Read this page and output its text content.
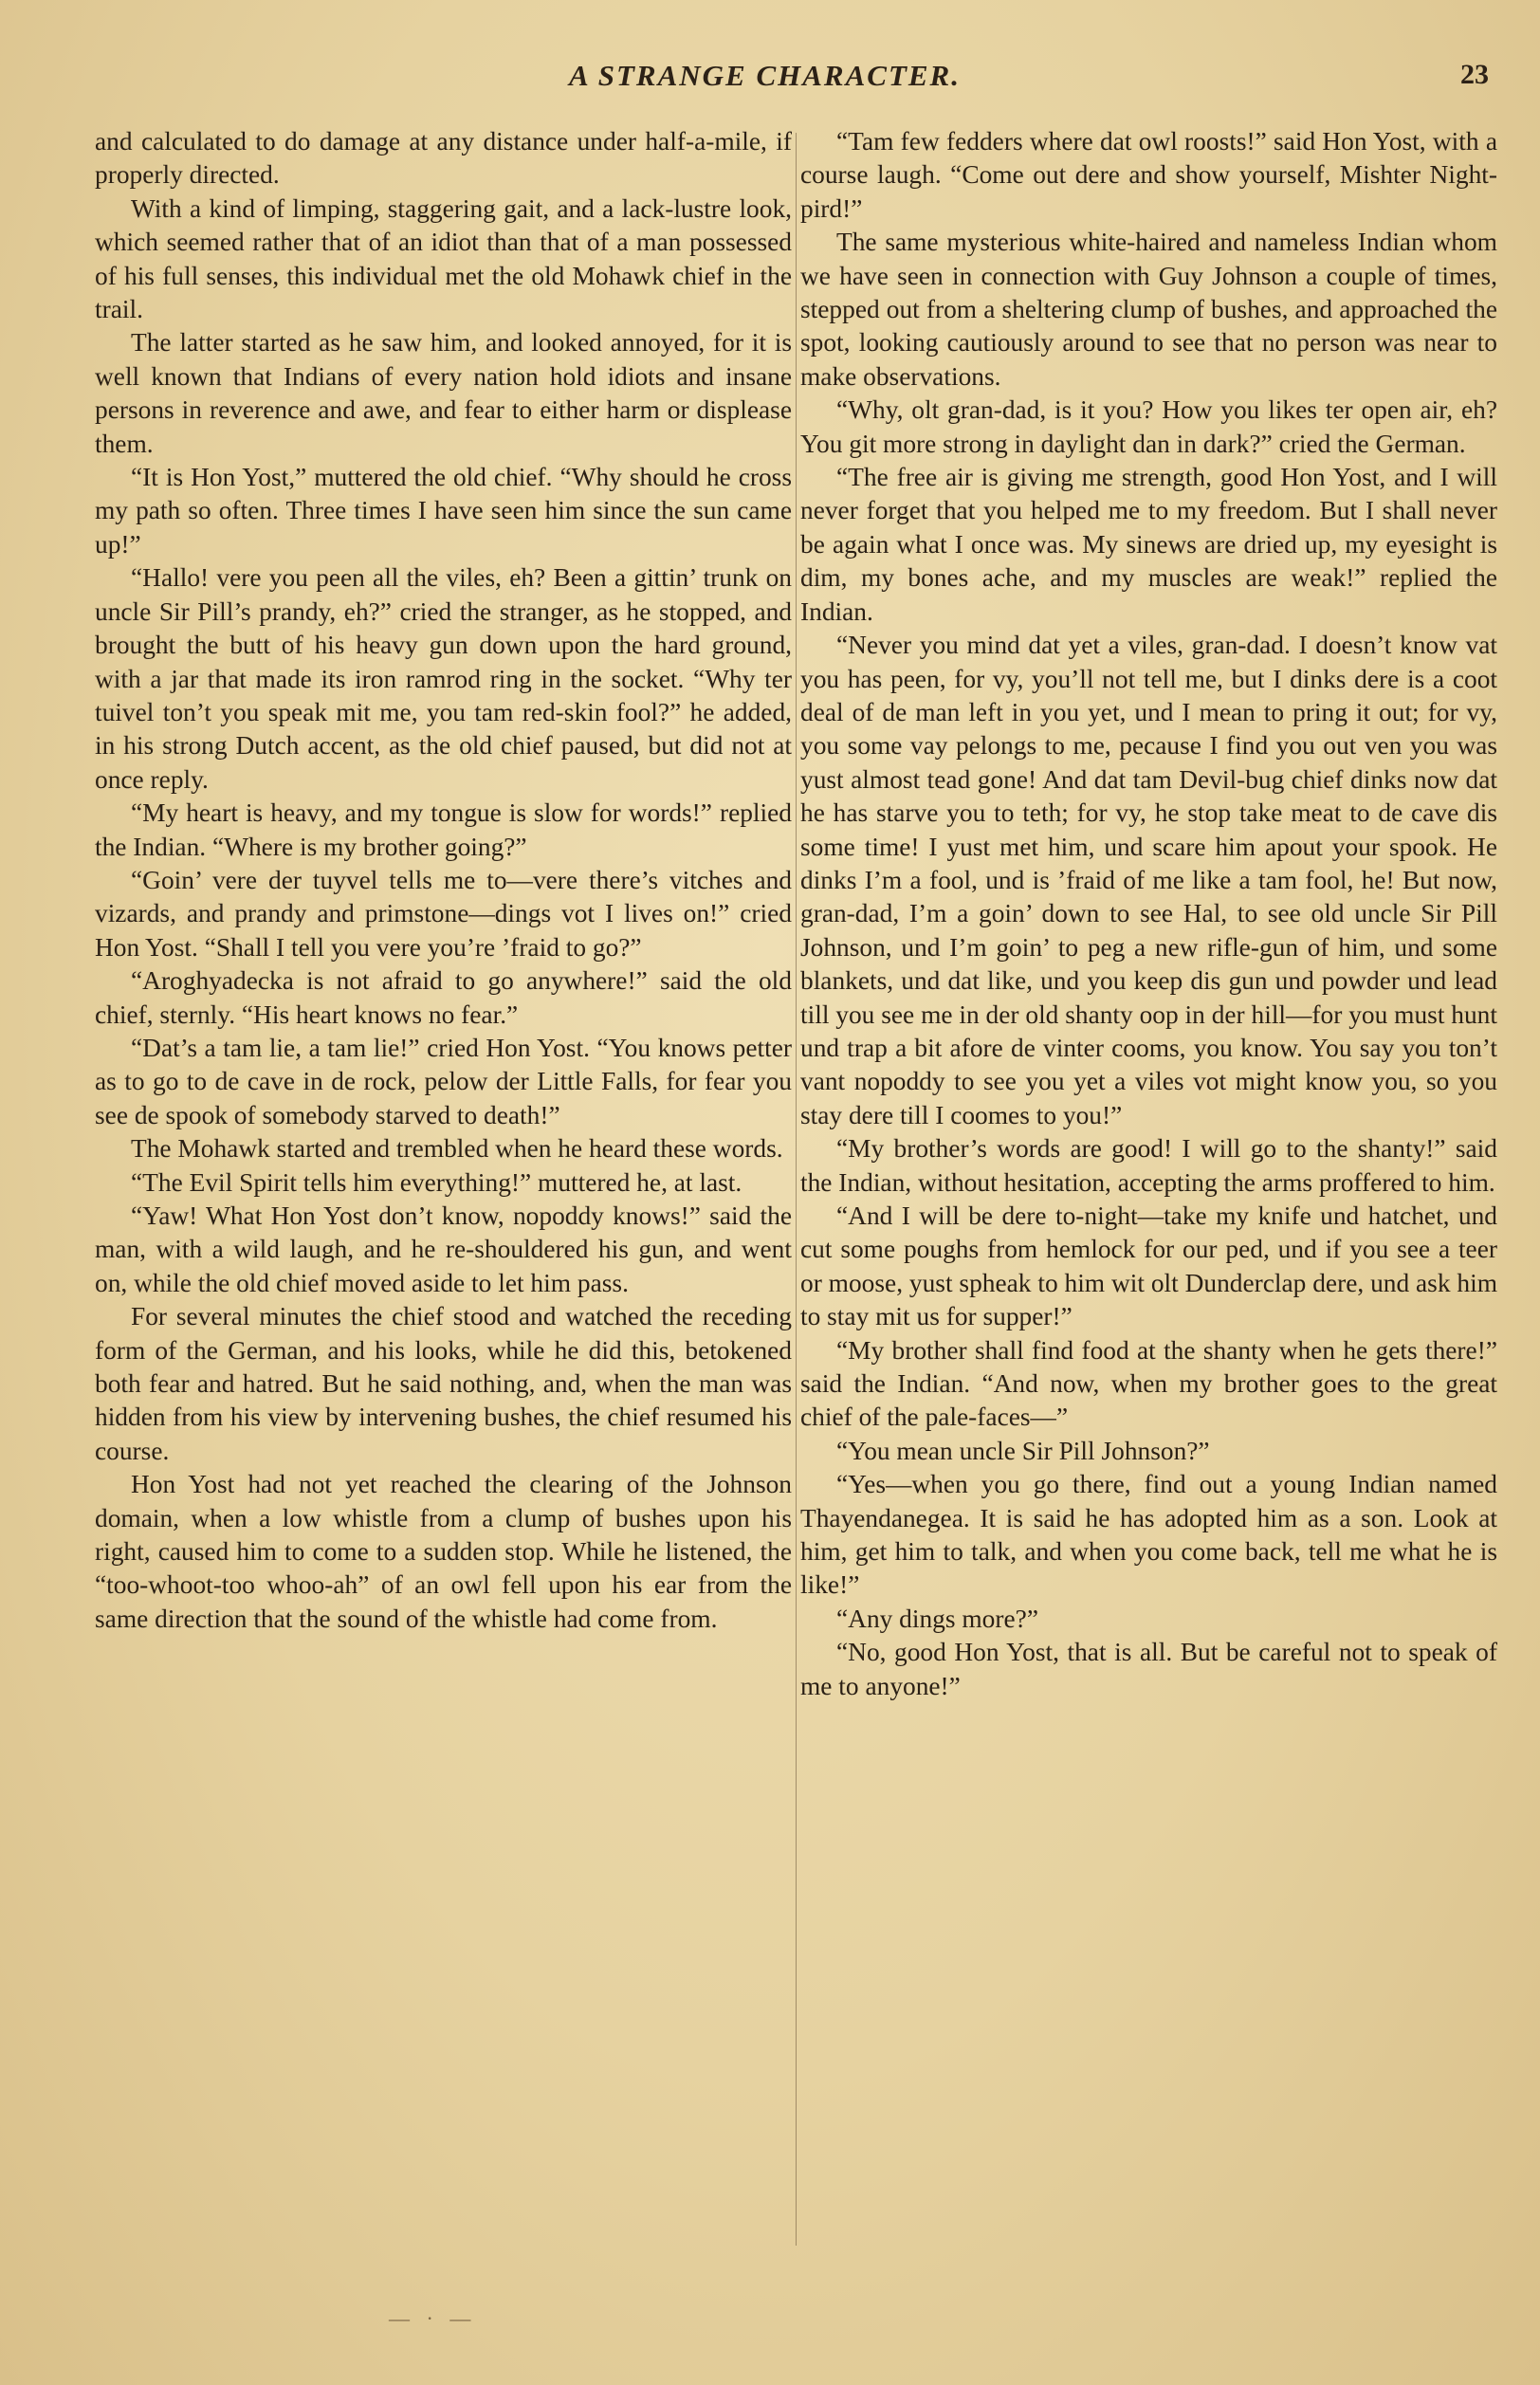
A STRANGE CHARACTER.	23

and calculated to do damage at any distance under half-a-mile, if properly directed.

With a kind of limping, staggering gait, and a lack-lustre look, which seemed rather that of an idiot than that of a man possessed of his full senses, this individual met the old Mohawk chief in the trail.

The latter started as he saw him, and looked annoyed, for it is well known that Indians of every nation hold idiots and insane persons in reverence and awe, and fear to either harm or displease them.

“It is Hon Yost,” muttered the old chief. “Why should he cross my path so often. Three times I have seen him since the sun came up!”

“Hallo! vere you peen all the viles, eh? Been a gittin’ trunk on uncle Sir Pill’s prandy, eh?” cried the stranger, as he stopped, and brought the butt of his heavy gun down upon the hard ground, with a jar that made its iron ramrod ring in the socket. “Why ter tuivel ton’t you speak mit me, you tam red-skin fool?” he added, in his strong Dutch accent, as the old chief paused, but did not at once reply.

“My heart is heavy, and my tongue is slow for words!” replied the Indian. “Where is my brother going?”

“Goin’ vere der tuyvel tells me to—vere there’s vitches and vizards, and prandy and primstone—dings vot I lives on!” cried Hon Yost. “Shall I tell you vere you’re ’fraid to go?”

“Aroghyadecka is not afraid to go anywhere!” said the old chief, sternly. “His heart knows no fear.”

“Dat’s a tam lie, a tam lie!” cried Hon Yost. “You knows petter as to go to de cave in de rock, pelow der Little Falls, for fear you see de spook of somebody starved to death!”

The Mohawk started and trembled when he heard these words.

“The Evil Spirit tells him everything!” muttered he, at last.

“Yaw! What Hon Yost don’t know, nopoddy knows!” said the man, with a wild laugh, and he re-shouldered his gun, and went on, while the old chief moved aside to let him pass.

For several minutes the chief stood and watched the receding form of the German, and his looks, while he did this, betokened both fear and hatred. But he said nothing, and, when the man was hidden from his view by intervening bushes, the chief resumed his course.

Hon Yost had not yet reached the clearing of the Johnson domain, when a low whistle from a clump of bushes upon his right, caused him to come to a sudden stop. While he listened, the “too-whoot-too whoo-ah” of an owl fell upon his ear from the same direction that the sound of the whistle had come from.

“Tam few fedders where dat owl roosts!” said Hon Yost, with a course laugh. “Come out dere and show yourself, Mishter Night-pird!”

The same mysterious white-haired and nameless Indian whom we have seen in connection with Guy Johnson a couple of times, stepped out from a sheltering clump of bushes, and approached the spot, looking cautiously around to see that no person was near to make observations.

“Why, olt gran-dad, is it you? How you likes ter open air, eh? You git more strong in daylight dan in dark?” cried the German.

“The free air is giving me strength, good Hon Yost, and I will never forget that you helped me to my freedom. But I shall never be again what I once was. My sinews are dried up, my eyesight is dim, my bones ache, and my muscles are weak!” replied the Indian.

“Never you mind dat yet a viles, gran-dad. I doesn’t know vat you has peen, for vy, you’ll not tell me, but I dinks dere is a coot deal of de man left in you yet, und I mean to pring it out; for vy, you some vay pelongs to me, pecause I find you out ven you was yust almost tead gone! And dat tam Devil-bug chief dinks now dat he has starve you to teth; for vy, he stop take meat to de cave dis some time! I yust met him, und scare him apout your spook. He dinks I’m a fool, und is ’fraid of me like a tam fool, he! But now, gran-dad, I’m a goin’ down to see Hal, to see old uncle Sir Pill Johnson, und I’m goin’ to peg a new rifle-gun of him, und some blankets, und dat like, und you keep dis gun und powder und lead till you see me in der old shanty oop in der hill—for you must hunt und trap a bit afore de vinter cooms, you know. You say you ton’t vant nopoddy to see you yet a viles vot might know you, so you stay dere till I coomes to you!”

“My brother’s words are good! I will go to the shanty!” said the Indian, without hesitation, accepting the arms proffered to him.

“And I will be dere to-night—take my knife und hatchet, und cut some poughs from hemlock for our ped, und if you see a teer or moose, yust spheak to him wit olt Dunderclap dere, und ask him to stay mit us for supper!”

“My brother shall find food at the shanty when he gets there!” said the Indian. “And now, when my brother goes to the great chief of the pale-faces—”

“You mean uncle Sir Pill Johnson?”

“Yes—when you go there, find out a young Indian named Thayendanegea. It is said he has adopted him as a son. Look at him, get him to talk, and when you come back, tell me what he is like!”

“Any dings more?”

“No, good Hon Yost, that is all. But be careful not to speak of me to anyone!”

— · —
